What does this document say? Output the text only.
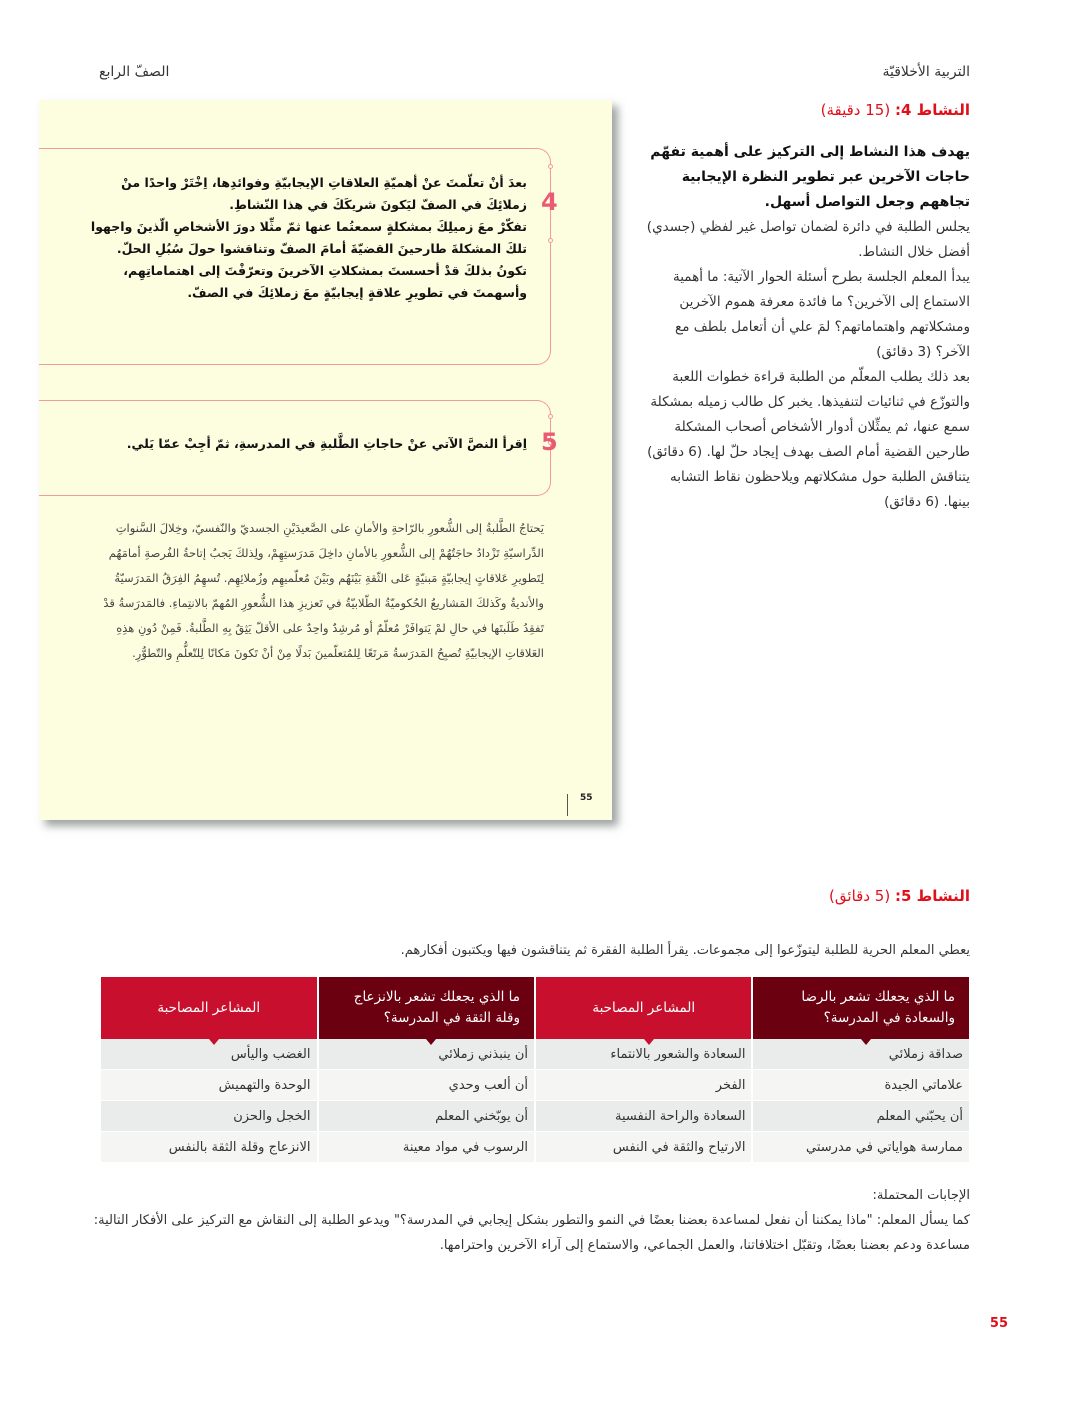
التربية الأخلاقيّة
الصفّ الرابع
النشاط 4: (15 دقيقة)
يهدف هذا النشاط إلى التركيز على أهمية تفهّم حاجات الآخرين عبر تطوير النظرة الإيجابية تجاههم وجعل التواصل أسهل.
يجلس الطلبة في دائرة لضمان تواصل غير لفظي (جسدي) أفضل خلال النشاط.
يبدأ المعلم الجلسة بطرح أسئلة الحوار الآتية: ما أهمية الاستماع إلى الآخرين؟ ما فائدة معرفة هموم الآخرين ومشكلاتهم واهتماماتهم؟ لمَ علي أن أتعامل بلطف مع الآخر؟ (3 دقائق)
بعد ذلك يطلب المعلّم من الطلبة قراءة خطوات اللعبة والتوزّع في ثنائيات لتنفيذها. يخبر كل طالب زميله بمشكلة سمع عنها، ثم يمثِّلان أدوار الأشخاص أصحاب المشكلة طارحين القضية أمام الصف بهدف إيجاد حلّ لها. (6 دقائق)
يتناقش الطلبة حول مشكلاتهم ويلاحظون نقاط التشابه بينها. (6 دقائق)
4
بعدَ أنْ تعلّمتَ عنْ أهميّةِ العلاقاتِ الإيجابيّةِ وفوائدِها، اِخْتَرْ واحدًا منْ زملائِكَ في الصفّ ليَكونَ شريكَكَ في هذا النّشاطِ.
تفكّرْ معَ زميلِكَ بمشكلةٍ سمعتُما عنها ثمّ مثِّلا دورَ الأشخاصِ الّذينَ واجهوا تلكَ المشكلةَ طارحينَ القضيّةَ أمامَ الصفّ وتناقشوا حولَ سُبُلِ الحلّ.
تكونُ بذلكَ قدْ أحسستَ بمشكلاتِ الآخرينَ وتعرّفْتَ إلى اهتماماتِهِم، وأسهمتَ في تطويرِ علاقةٍ إيجابيّةٍ معَ زملائِكَ في الصفّ.
5
اِقرأ النصَّ الآتي عنْ حاجاتِ الطَّلبةِ في المدرسةِ، ثمّ أجِبْ عمّا يَلي.
يَحتاجُ الطَّلبةُ إلى الشُّعورِ بالرّاحةِ والأمانِ على الصَّعيدَيْنِ الجسديّ والنّفسيّ، وخِلالَ السَّنواتِ الدِّراسيّةِ تَزْدادُ حاجَتُهُمْ إلى الشُّعورِ بالأمانِ داخِلَ مَدرَستِهِمْ، ولِذلكَ يَجبُ إتاحةُ الفُرصةِ أمامَهُم لِتَطويرِ عَلاقاتٍ إيجابيّةٍ مَبنيّةٍ عَلى الثّقةِ بَيْنَهُم وبَيْنَ مُعلّميهِم وزُملائِهِم. تُسهِمُ الفِرَقُ المَدرَسيّةُ والأنديةُ وكَذلكَ المَشاريعُ الحُكوميّةُ الطّلابيّةُ في تَعزيزِ هذا الشُّعورِ المُهمّ بالانتِماءِ. فالمَدرَسةُ قدْ تَفقِدُ طَلَبتَها في حالِ لمْ يَتوافَرْ مُعلّمٌ أو مُرشِدٌ واحِدٌ على الأقلّ يَثِقُ بِهِ الطَّلبةُ. فَمِنْ دُونِ هذِهِ العَلاقاتِ الإيجابيّةِ تُصبِحُ المَدرَسةُ مَرتَعًا لِلمُتعلّمينَ بَدلًا مِنْ أنْ تَكونَ مَكانًا لِلتّعلُّمِ والتّطوُّرِ.
55
النشاط 5: (5 دقائق)
يعطي المعلم الحرية للطلبة ليتوزّعوا إلى مجموعات. يقرأ الطلبة الفقرة ثم يتناقشون فيها ويكتبون أفكارهم.
ما الذي يجعلك تشعر بالرضا والسعادة في المدرسة؟	المشاعر المصاحبة	ما الذي يجعلك تشعر بالانزعاج وقلة الثقة في المدرسة؟	المشاعر المصاحبة

صداقة زملائي	السعادة والشعور بالانتماء	أن ينبذني زملائي	الغضب واليأس
علاماتي الجيدة	الفخر	أن ألعب وحدي	الوحدة والتهميش
أن يحبّني المعلم	السعادة والراحة النفسية	أن يوبّخني المعلم	الخجل والحزن
ممارسة هواياتي في مدرستي	الارتياح والثقة في النفس	الرسوب في مواد معينة	الانزعاج وقلة الثقة بالنفس
الإجابات المحتملة:
كما يسأل المعلم: "ماذا يمكننا أن نفعل لمساعدة بعضنا بعضًا في النمو والتطور بشكل إيجابي في المدرسة؟" ويدعو الطلبة إلى النقاش مع التركيز على الأفكار التالية:
مساعدة ودعم بعضنا بعضًا، وتقبّل اختلافاتنا، والعمل الجماعي، والاستماع إلى آراء الآخرين واحترامها.
55
